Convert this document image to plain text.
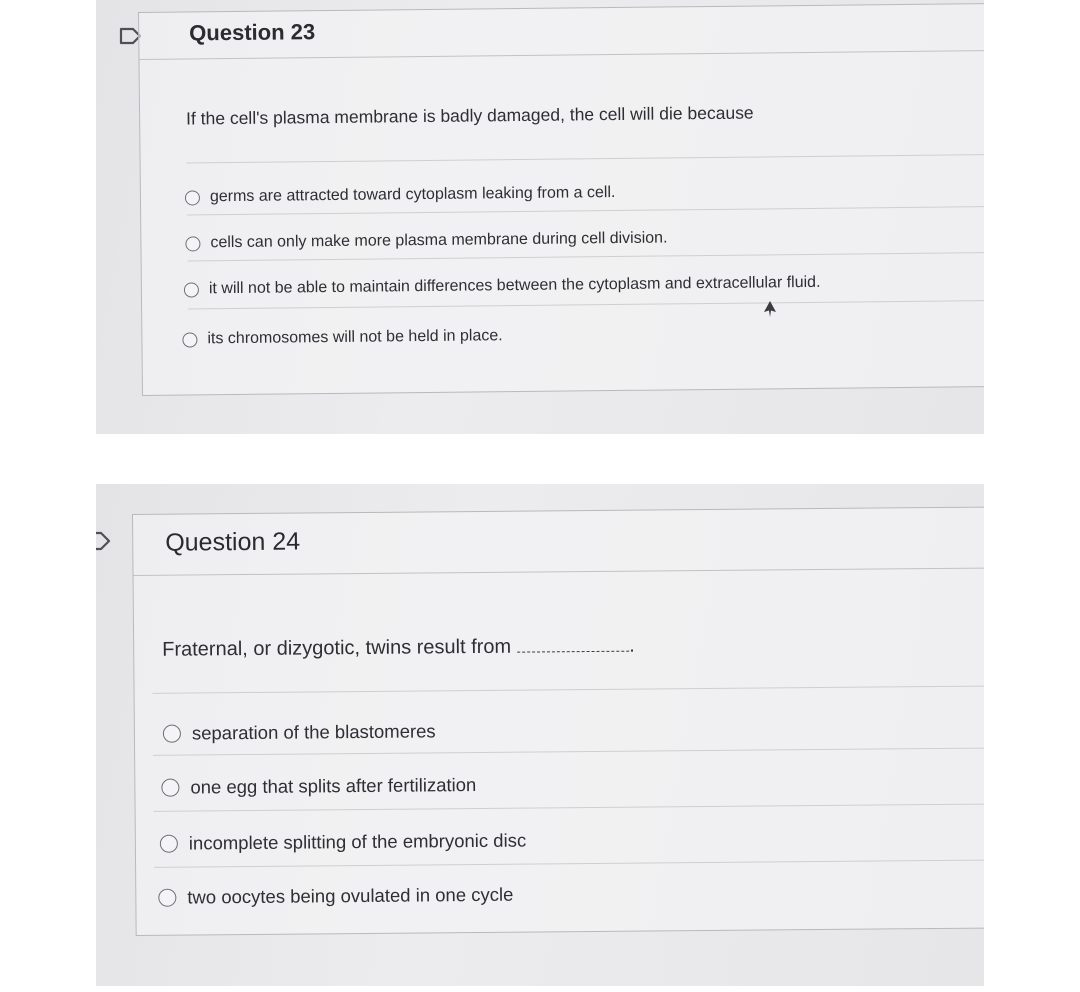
Question 23
If the cell's plasma membrane is badly damaged, the cell will die because
germs are attracted toward cytoplasm leaking from a cell.
cells can only make more plasma membrane during cell division.
it will not be able to maintain differences between the cytoplasm and extracellular fluid.
its chromosomes will not be held in place.
Question 24
Fraternal, or dizygotic, twins result from	.
separation of the blastomeres
one egg that splits after fertilization
incomplete splitting of the embryonic disc
two oocytes being ovulated in one cycle
